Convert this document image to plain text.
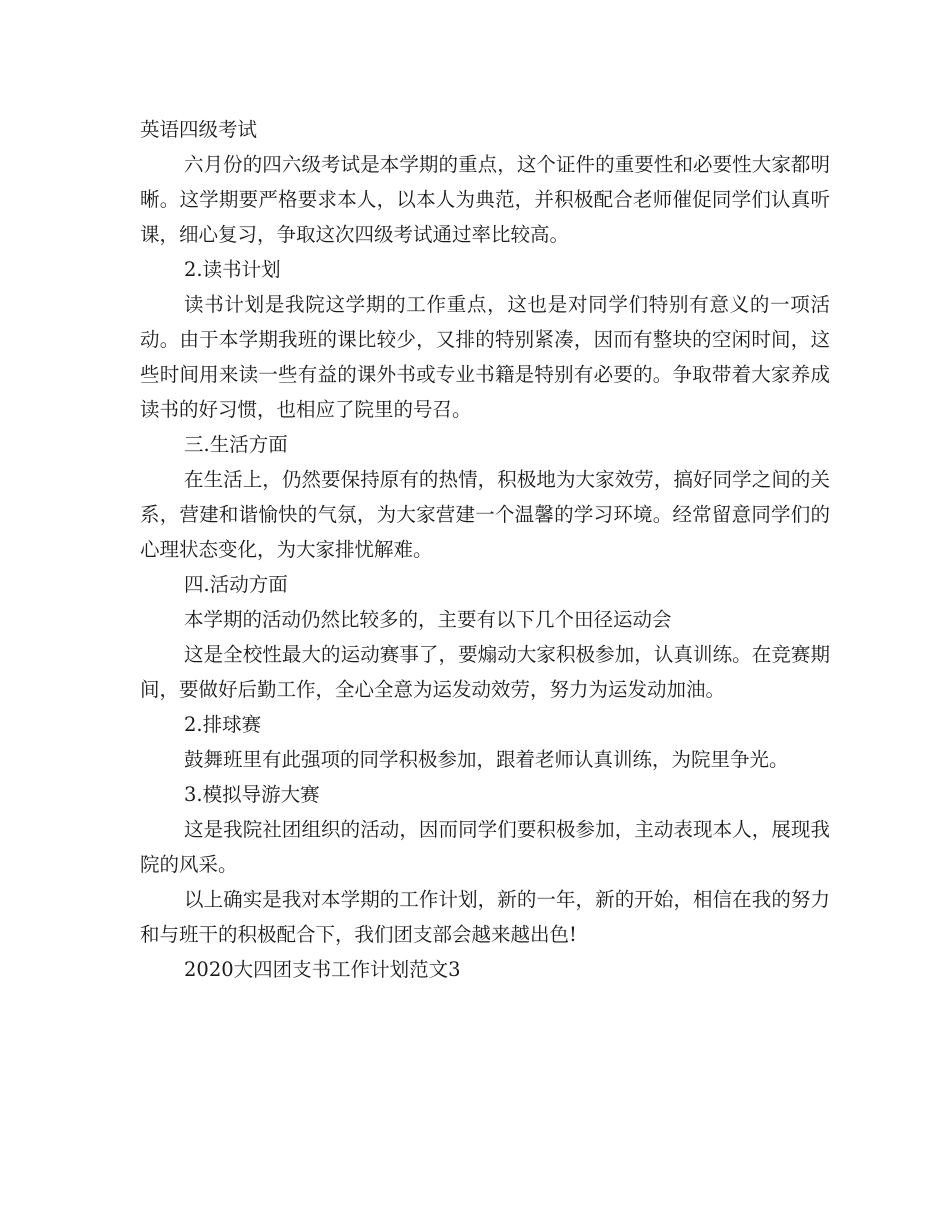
英语四级考试

六月份的四六级考试是本学期的重点，这个证件的重要性和必要性大家都明晰。这学期要严格要求本人，以本人为典范，并积极配合老师催促同学们认真听课，细心复习，争取这次四级考试通过率比较高。

2.读书计划

读书计划是我院这学期的工作重点，这也是对同学们特别有意义的一项活动。由于本学期我班的课比较少，又排的特别紧凑，因而有整块的空闲时间，这些时间用来读一些有益的课外书或专业书籍是特别有必要的。争取带着大家养成读书的好习惯，也相应了院里的号召。

三.生活方面

在生活上，仍然要保持原有的热情，积极地为大家效劳，搞好同学之间的关系，营建和谐愉快的气氛，为大家营建一个温馨的学习环境。经常留意同学们的心理状态变化，为大家排忧解难。

四.活动方面

本学期的活动仍然比较多的，主要有以下几个田径运动会

这是全校性最大的运动赛事了，要煽动大家积极参加，认真训练。在竞赛期间，要做好后勤工作，全心全意为运发动效劳，努力为运发动加油。

2.排球赛

鼓舞班里有此强项的同学积极参加，跟着老师认真训练，为院里争光。

3.模拟导游大赛

这是我院社团组织的活动，因而同学们要积极参加，主动表现本人，展现我院的风采。

以上确实是我对本学期的工作计划，新的一年，新的开始，相信在我的努力和与班干的积极配合下，我们团支部会越来越出色!

2020大四团支书工作计划范文3
